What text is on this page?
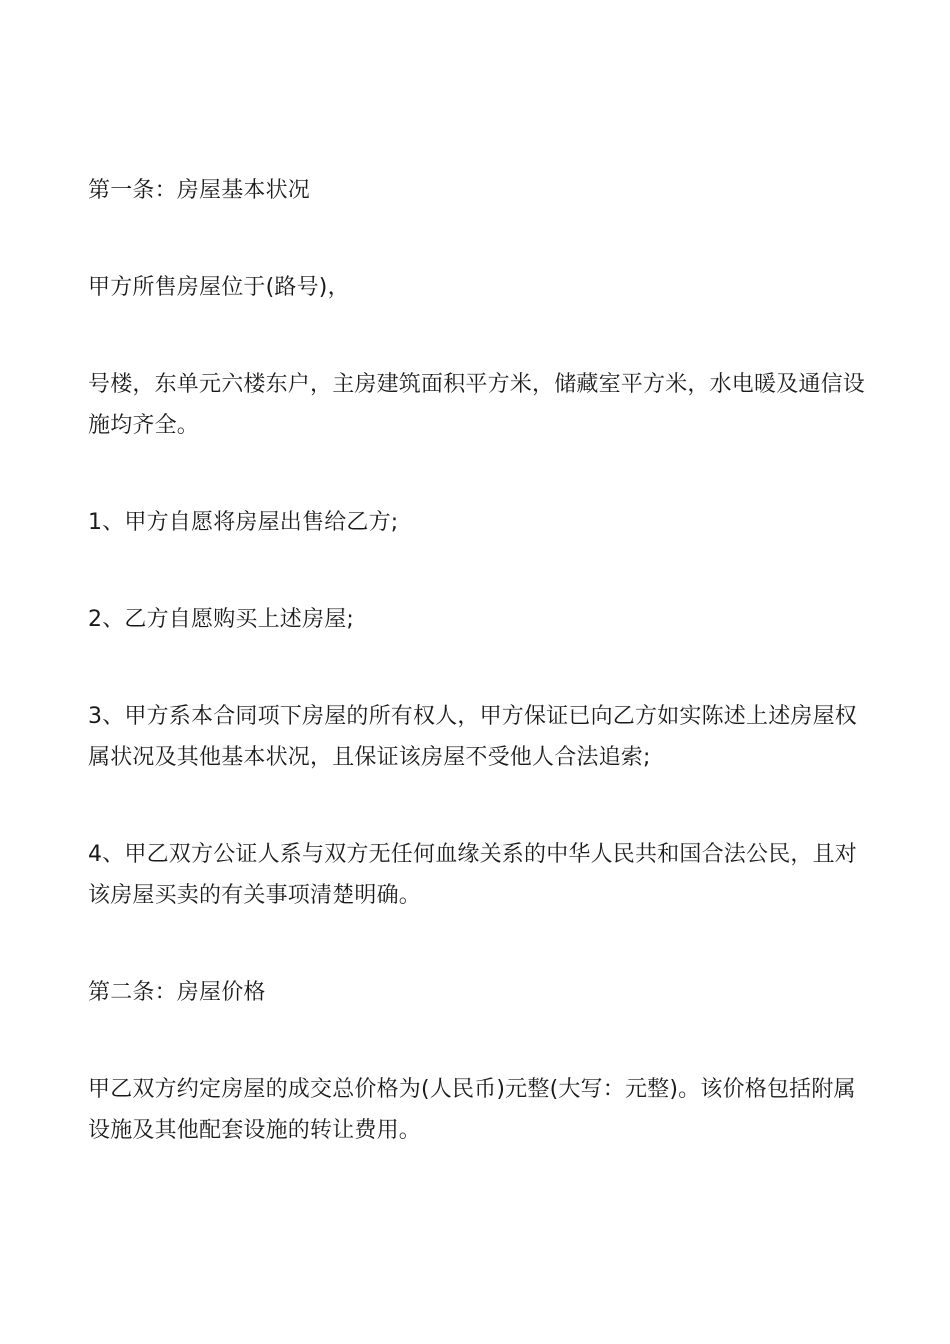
第一条：房屋基本状况

甲方所售房屋位于(路号)，

号楼，东单元六楼东户，主房建筑面积平方米，储藏室平方米，水电暖及通信设施均齐全。

1、甲方自愿将房屋出售给乙方;

2、乙方自愿购买上述房屋;

3、甲方系本合同项下房屋的所有权人，甲方保证已向乙方如实陈述上述房屋权属状况及其他基本状况，且保证该房屋不受他人合法追索;

4、甲乙双方公证人系与双方无任何血缘关系的中华人民共和国合法公民，且对该房屋买卖的有关事项清楚明确。

第二条：房屋价格

甲乙双方约定房屋的成交总价格为(人民币)元整(大写：元整)。该价格包括附属设施及其他配套设施的转让费用。
